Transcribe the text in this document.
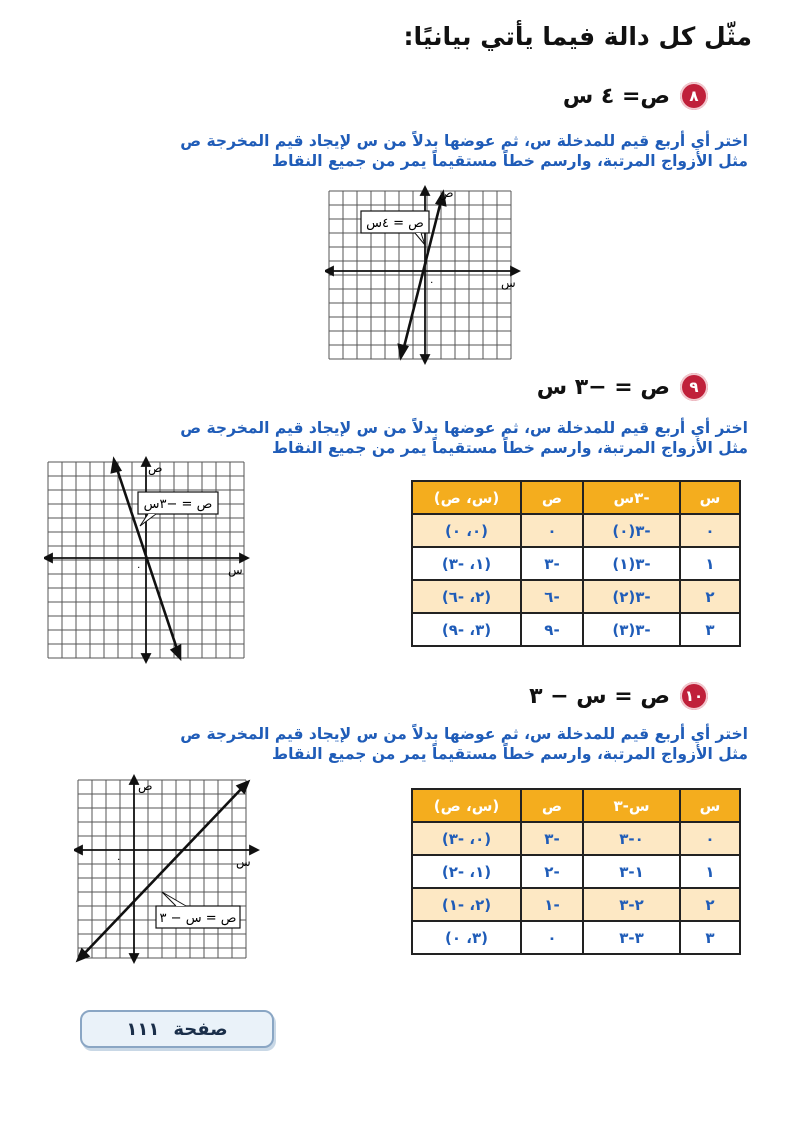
مثّل كل دالة فيما يأتي بيانيًا:
٨
ص= ٤ س
اختر أي أربع قيم للمدخلة س، ثم عوضها بدلاً من س لإيجاد قيم المخرجة ص
مثل الأزواج المرتبة، وارسم خطاً مستقيماً يمر من جميع النقاط
ص = ٤س
ص
س
٠
٩
ص = −٣ س
اختر أي أربع قيم للمدخلة س، ثم عوضها بدلاً من س لإيجاد قيم المخرجة ص
مثل الأزواج المرتبة، وارسم خطاً مستقيماً يمر من جميع النقاط
ص = −٣س
ص
س
٠
س	-٣س	ص	(س، ص)
٠	-٣(٠)	٠	(٠، ٠)
١	-٣(١)	-٣	(١، -٣)
٢	-٣(٢)	-٦	(٢، -٦)
٣	-٣(٣)	-٩	(٣، -٩)
١٠
ص = س − ٣
اختر أي أربع قيم للمدخلة س، ثم عوضها بدلاً من س لإيجاد قيم المخرجة ص
مثل الأزواج المرتبة، وارسم خطاً مستقيماً يمر من جميع النقاط
ص = س − ٣
ص
س
٠
س	س-٣	ص	(س، ص)
٠	٠-٣	-٣	(٠، -٣)
١	١-٣	-٢	(١، -٢)
٢	٢-٣	-١	(٢، -١)
٣	٣-٣	٠	(٣، ٠)
صفحة
١١١
